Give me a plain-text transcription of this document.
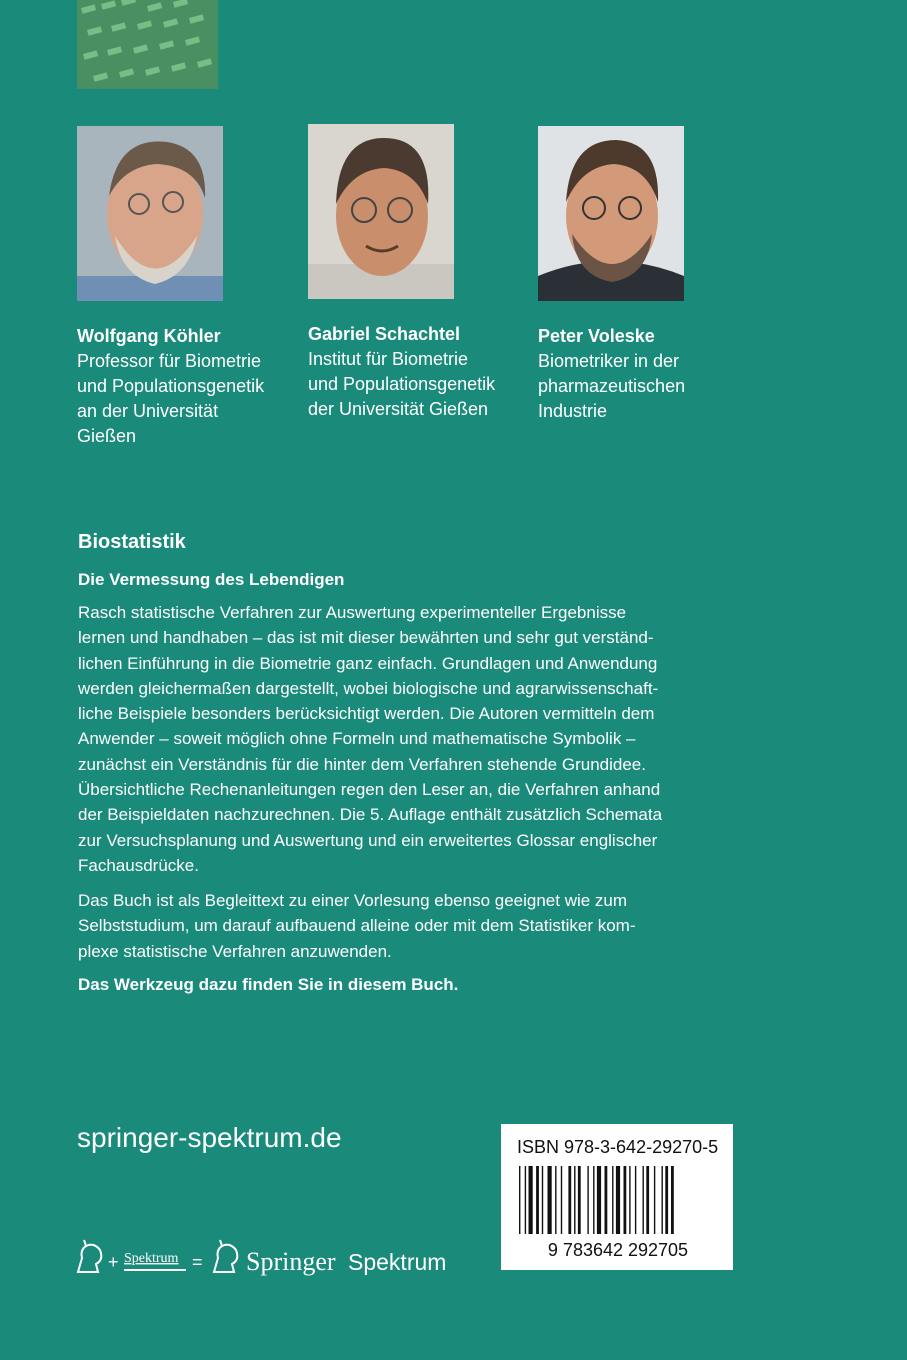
Wolfgang Köhler
Professor für Biometrie
und Populationsgenetik
an der Universität
Gießen
Gabriel Schachtel
Institut für Biometrie
und Populationsgenetik
der Universität Gießen
Peter Voleske
Biometriker in der
pharmazeutischen
Industrie
Biostatistik
Die Vermessung des Lebendigen
Rasch statistische Verfahren zur Auswertung experimenteller Ergebnisse
lernen und handhaben – das ist mit dieser bewährten und sehr gut verständ-
lichen Einführung in die Biometrie ganz einfach. Grundlagen und Anwendung
werden gleichermaßen dargestellt, wobei biologische und agrarwissenschaft-
liche Beispiele besonders berücksichtigt werden. Die Autoren vermitteln dem
Anwender – soweit möglich ohne Formeln und mathematische Symbolik –
zunächst ein Verständnis für die hinter dem Verfahren stehende Grundidee.
Übersichtliche Rechenanleitungen regen den Leser an, die Verfahren anhand
der Beispieldaten nachzurechnen. Die 5. Auflage enthält zusätzlich Schemata
zur Versuchsplanung und Auswertung und ein erweitertes Glossar englischer
Fachausdrücke.
Das Buch ist als Begleittext zu einer Vorlesung ebenso geeignet wie zum
Selbststudium, um darauf aufbauend alleine oder mit dem Statistiker kom-
plexe statistische Verfahren anzuwenden.
Das Werkzeug dazu finden Sie in diesem Buch.
springer-spektrum.de	ISBN 978-3-642-29270-5
9 783642 292705
+ Spektrum = Springer Spektrum
